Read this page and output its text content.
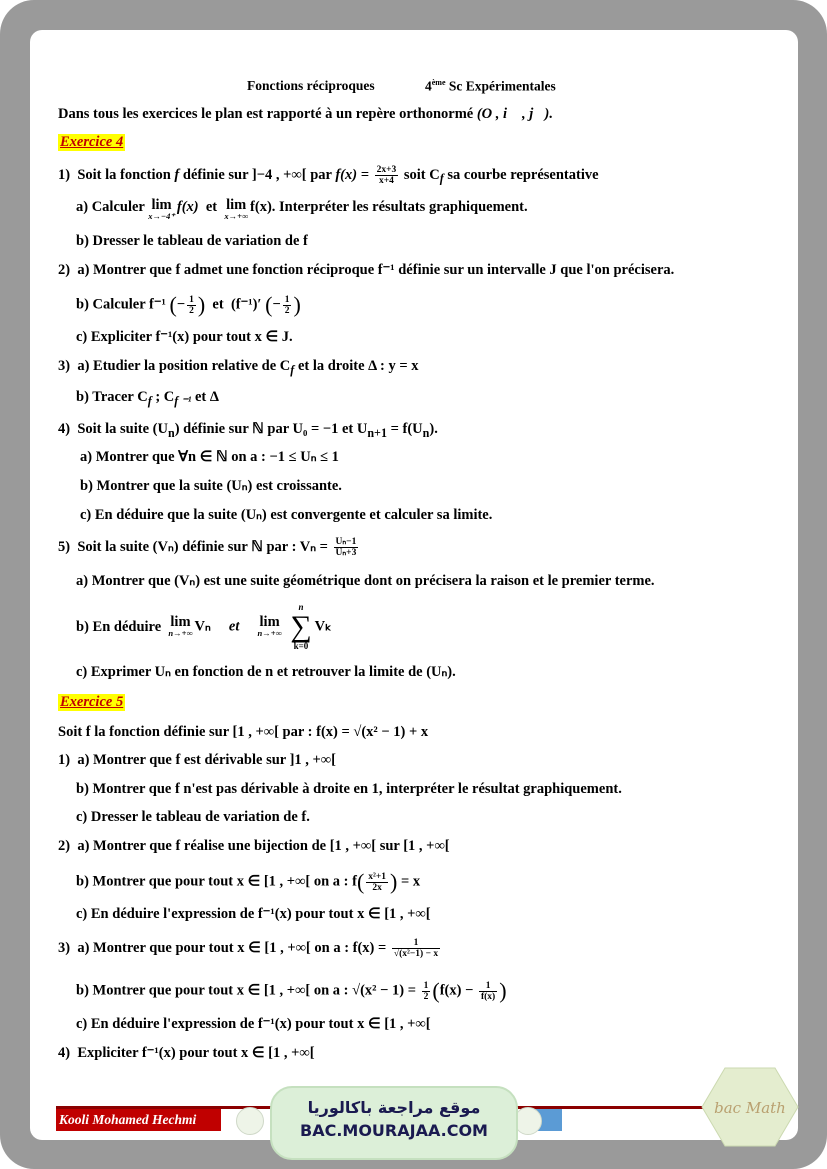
Fonctions réciproques	4ème Sc Expérimentales
Dans tous les exercices le plan est rapporté à un repère orthonormé (O , i⃗ , j⃗).
Exercice 4
1) Soit la fonction f définie sur ]−4 , +∞[ par $f(x) = \frac{2x+3}{x+4}$ soit $C_f$ sa courbe représentative
a) Calculer lim
x→−4⁺
f(x) et lim
x→+∞
f(x). Interpréter les résultats graphiquement.
b) Dresser le tableau de variation de f
2) a) Montrer que f admet une fonction réciproque f⁻¹ définie sur un intervalle J que l'on précisera.
b) Calculer f⁻¹ (− $\frac{1}{2}$ ) et (f⁻¹)′ (− $\frac{1}{2}$ )
c) Expliciter f⁻¹(x) pour tout x ∈ J.
3) a) Etudier la position relative de $C_f$ et la droite Δ : y = x
b) Tracer $C_f$ ; $C_{f ^{-1}}$ et Δ
4) Soit la suite $(U_n)$ définie sur ℕ par U₀ = −1 et $U_{n+1} = f(U_n)$.
a) Montrer que ∀n ∈ ℕ on a : −1 ≤ Uₙ ≤ 1
b) Montrer que la suite (Uₙ) est croissante.
c) En déduire que la suite (Uₙ) est convergente et calculer sa limite.
5) Soit la suite (Vₙ) définie sur ℕ par : $V_n = \frac{\text{Uₙ−1}}{\text{Uₙ+3}}$
a) Montrer que (Vₙ) est une suite géométrique dont on précisera la raison et le premier terme.
b) En déduire lim
n→+∞ Vₙ et lim
n→+∞

n
∑
k=0
Vₖ
c) Exprimer Uₙ en fonction de n et retrouver la limite de (Uₙ).
Exercice 5
Soit f la fonction définie sur [1 , +∞[ par : f(x) = √(x² − 1) + x
1) a) Montrer que f est dérivable sur ]1 , +∞[
b) Montrer que f n'est pas dérivable à droite en 1, interpréter le résultat graphiquement.
c) Dresser le tableau de variation de f.
2) a) Montrer que f réalise une bijection de [1 , +∞[ sur [1 , +∞[
b) Montrer que pour tout x ∈ [1 , +∞[ on a : $f( \frac{\text{x²+1}}{2x}$ ) = x
c) En déduire l'expression de f⁻¹(x) pour tout x ∈ [1 , +∞[
3) a) Montrer que pour tout x ∈ [1 , +∞[ on a : $f(x) = \frac{1}{\text{√(x²−1) − x}}$
b) Montrer que pour tout x ∈ [1 , +∞[ on a : $√(x^2 - 1) = \frac{1}{2} (f(x) - \frac{1}{f(x)}$ )
c) En déduire l'expression de f⁻¹(x) pour tout x ∈ [1 , +∞[
4) Expliciter f⁻¹(x) pour tout x ∈ [1 , +∞[
Kooli Mohamed Hechmi
موقع مراجعة باكالوريا
BAC.MOURAJAA.COM
bac Math
